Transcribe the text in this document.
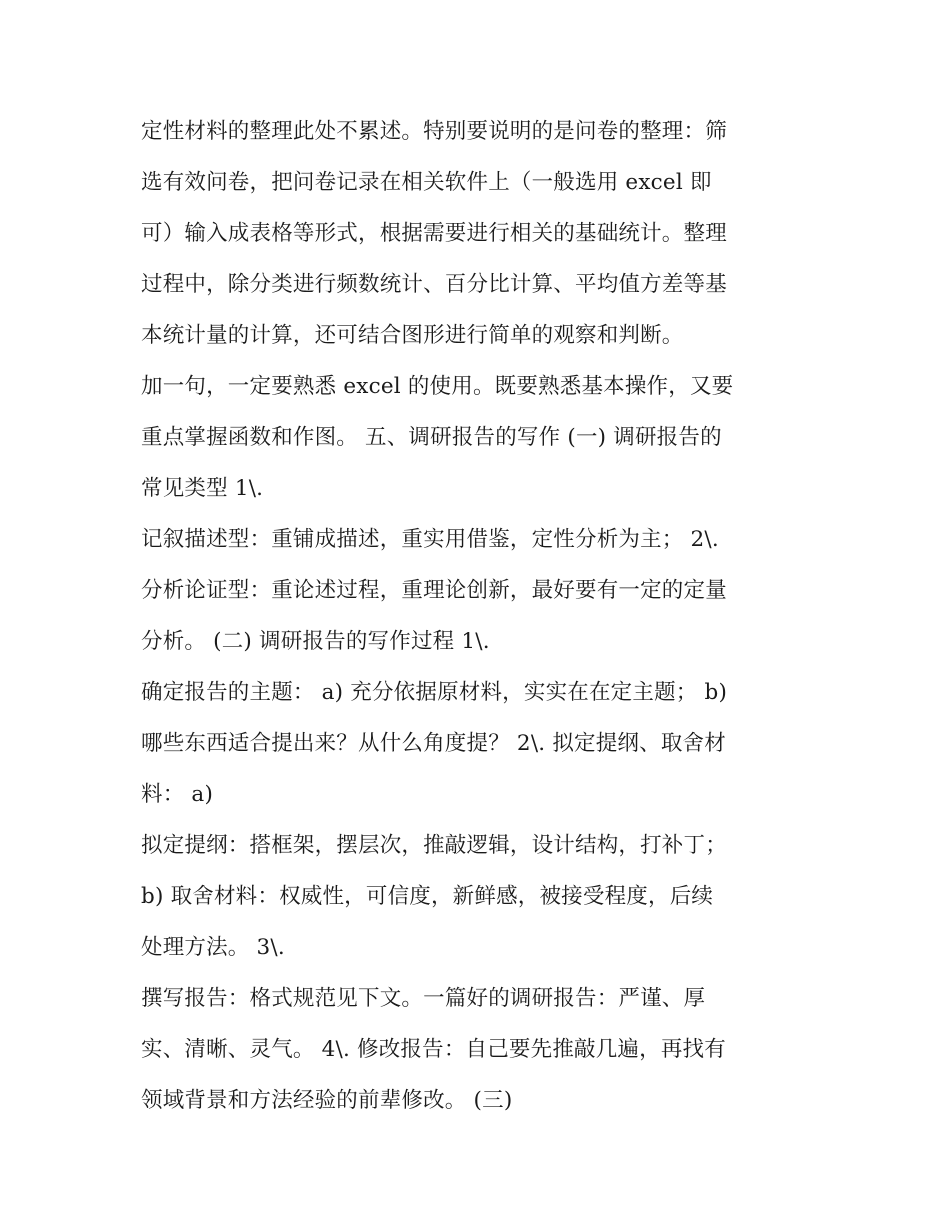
定性材料的整理此处不累述。特别要说明的是问卷的整理：筛
选有效问卷，把问卷记录在相关软件上（一般选用 excel 即
可）输入成表格等形式，根据需要进行相关的基础统计。整理
过程中，除分类进行频数统计、百分比计算、平均值方差等基
本统计量的计算，还可结合图形进行简单的观察和判断。
加一句，一定要熟悉 excel 的使用。既要熟悉基本操作，又要
重点掌握函数和作图。 五、调研报告的写作 (一) 调研报告的
常见类型 1\.
记叙描述型：重铺成描述，重实用借鉴，定性分析为主； 2\.
分析论证型：重论述过程，重理论创新，最好要有一定的定量
分析。 (二) 调研报告的写作过程 1\.
确定报告的主题： a) 充分依据原材料，实实在在定主题； b)
哪些东西适合提出来？从什么角度提？ 2\. 拟定提纲、取舍材
料： a)
拟定提纲：搭框架，摆层次，推敲逻辑，设计结构，打补丁；
b) 取舍材料：权威性，可信度，新鲜感，被接受程度，后续
处理方法。 3\.
撰写报告：格式规范见下文。一篇好的调研报告：严谨、厚
实、清晰、灵气。 4\. 修改报告：自己要先推敲几遍，再找有
领域背景和方法经验的前辈修改。 (三)
